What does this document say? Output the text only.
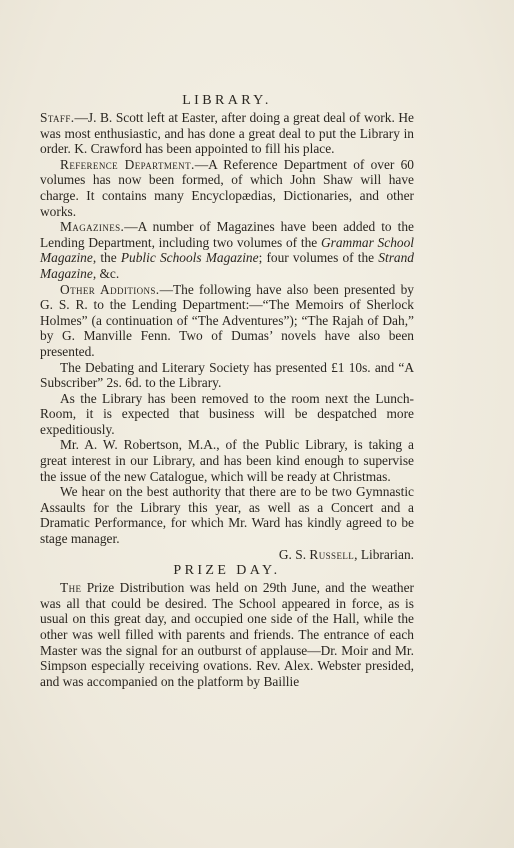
LIBRARY.

Staff.—J. B. Scott left at Easter, after doing a great deal of work. He was most enthusiastic, and has done a great deal to put the Library in order. K. Crawford has been appointed to fill his place.

Reference Department.—A Reference Department of over 60 volumes has now been formed, of which John Shaw will have charge. It contains many Encyclopædias, Dictionaries, and other works.

Magazines.—A number of Magazines have been added to the Lending Department, including two volumes of the Grammar School Magazine, the Public Schools Magazine; four volumes of the Strand Magazine, &c.

Other Additions.—The following have also been presented by G. S. R. to the Lending Department:—“The Memoirs of Sherlock Holmes” (a continuation of “The Adventures”); “The Rajah of Dah,” by G. Manville Fenn. Two of Dumas’ novels have also been presented.

The Debating and Literary Society has presented £1 10s. and “A Subscriber” 2s. 6d. to the Library.

As the Library has been removed to the room next the Lunch-Room, it is expected that business will be despatched more expeditiously.

Mr. A. W. Robertson, M.A., of the Public Library, is taking a great interest in our Library, and has been kind enough to supervise the issue of the new Catalogue, which will be ready at Christmas.

We hear on the best authority that there are to be two Gymnastic Assaults for the Library this year, as well as a Concert and a Dramatic Performance, for which Mr. Ward has kindly agreed to be stage manager.

G. S. Russell, Librarian.
PRIZE DAY.

The Prize Distribution was held on 29th June, and the weather was all that could be desired. The School appeared in force, as is usual on this great day, and occupied one side of the Hall, while the other was well filled with parents and friends. The entrance of each Master was the signal for an outburst of applause—Dr. Moir and Mr. Simpson especially receiving ovations. Rev. Alex. Webster presided, and was accompanied on the platform by Baillie
